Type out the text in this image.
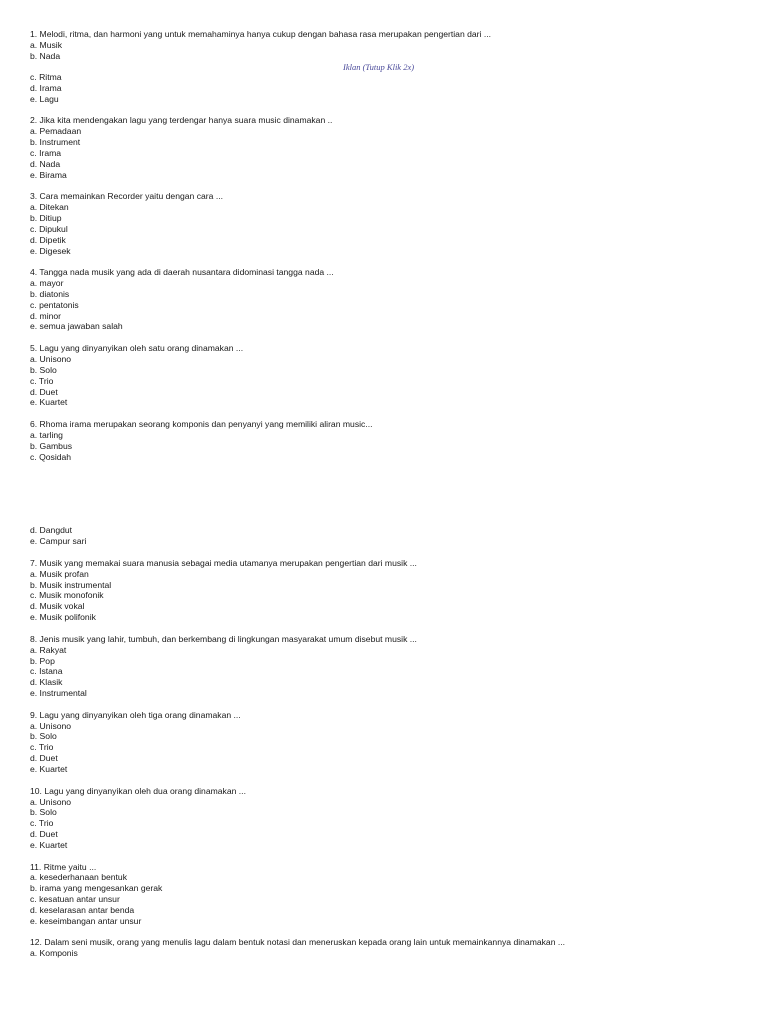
Iklan (Tutup Klik 2x)
1. Melodi, ritma, dan harmoni yang untuk memahaminya hanya cukup dengan bahasa rasa merupakan pengertian dari ...
a. Musik
b. Nada
c. Ritma
d. Irama
e. Lagu
2. Jika kita mendengakan lagu yang terdengar hanya suara music dinamakan ..
a. Pemadaan
b. Instrument
c. Irama
d. Nada
e. Birama
3. Cara memainkan Recorder yaitu dengan cara ...
a. Ditekan
b. Ditiup
c. Dipukul
d. Dipetik
e. Digesek
4. Tangga nada musik yang ada di daerah nusantara didominasi tangga nada ...
a. mayor
b. diatonis
c. pentatonis
d. minor
e. semua jawaban salah
5. Lagu yang dinyanyikan oleh satu orang dinamakan ...
a. Unisono
b. Solo
c. Trio
d. Duet
e. Kuartet
6. Rhoma irama merupakan seorang komponis dan penyanyi yang memiliki aliran music...
a. tarling
b. Gambus
c. Qosidah
d. Dangdut
e. Campur sari
7. Musik yang memakai suara manusia sebagai media utamanya merupakan pengertian dari musik ...
a. Musik profan
b. Musik instrumental
c. Musik monofonik
d. Musik vokal
e. Musik polifonik
8. Jenis musik yang lahir, tumbuh, dan berkembang di lingkungan masyarakat umum disebut musik ...
a. Rakyat
b. Pop
c. Istana
d. Klasik
e. Instrumental
9. Lagu yang dinyanyikan oleh tiga orang dinamakan ...
a. Unisono
b. Solo
c. Trio
d. Duet
e. Kuartet
10. Lagu yang dinyanyikan oleh dua orang dinamakan ...
a. Unisono
b. Solo
c. Trio
d. Duet
e. Kuartet
11. Ritme yaitu ...
a. kesederhanaan bentuk
b. irama yang mengesankan gerak
c. kesatuan antar unsur
d. keselarasan antar benda
e. keseimbangan antar unsur
12. Dalam seni musik, orang yang menulis lagu dalam bentuk notasi dan meneruskan kepada orang lain untuk memainkannya dinamakan ...
a. Komponis
